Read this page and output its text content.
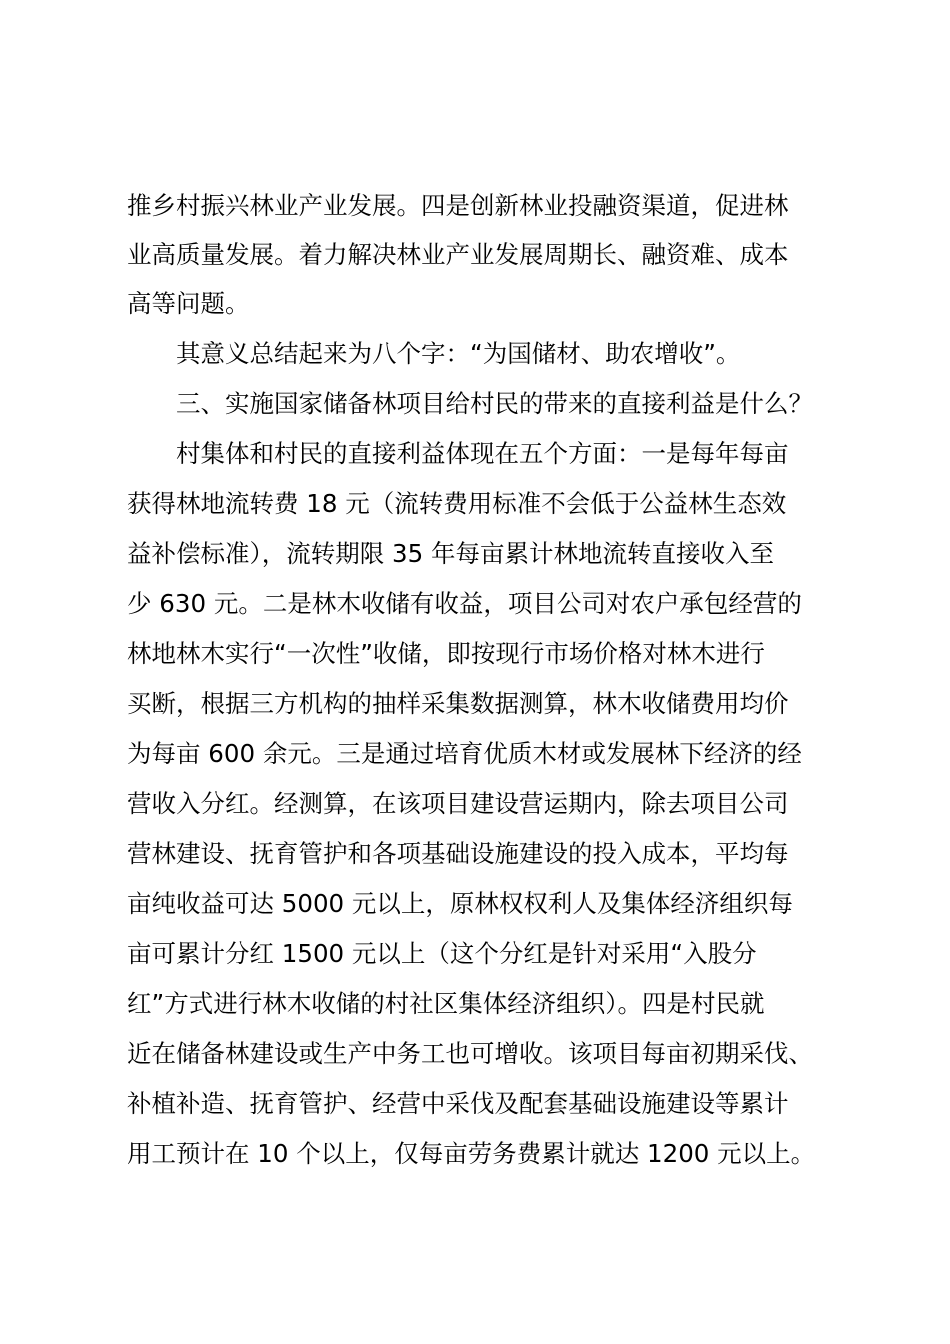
推乡村振兴林业产业发展。四是创新林业投融资渠道，促进林
业高质量发展。着力解决林业产业发展周期长、融资难、成本
高等问题。
其意义总结起来为八个字：“为国储材、助农增收”。
三、实施国家储备林项目给村民的带来的直接利益是什么？
村集体和村民的直接利益体现在五个方面：一是每年每亩
获得林地流转费 18 元（流转费用标准不会低于公益林生态效
益补偿标准），流转期限 35 年每亩累计林地流转直接收入至
少 630 元。二是林木收储有收益，项目公司对农户承包经营的
林地林木实行“一次性”收储，即按现行市场价格对林木进行
买断，根据三方机构的抽样采集数据测算，林木收储费用均价
为每亩 600 余元。三是通过培育优质木材或发展林下经济的经
营收入分红。经测算，在该项目建设营运期内，除去项目公司
营林建设、抚育管护和各项基础设施建设的投入成本，平均每
亩纯收益可达 5000 元以上，原林权权利人及集体经济组织每
亩可累计分红 1500 元以上（这个分红是针对采用“入股分
红”方式进行林木收储的村社区集体经济组织）。四是村民就
近在储备林建设或生产中务工也可增收。该项目每亩初期采伐、
补植补造、抚育管护、经营中采伐及配套基础设施建设等累计
用工预计在 10 个以上，仅每亩劳务费累计就达 1200 元以上。
